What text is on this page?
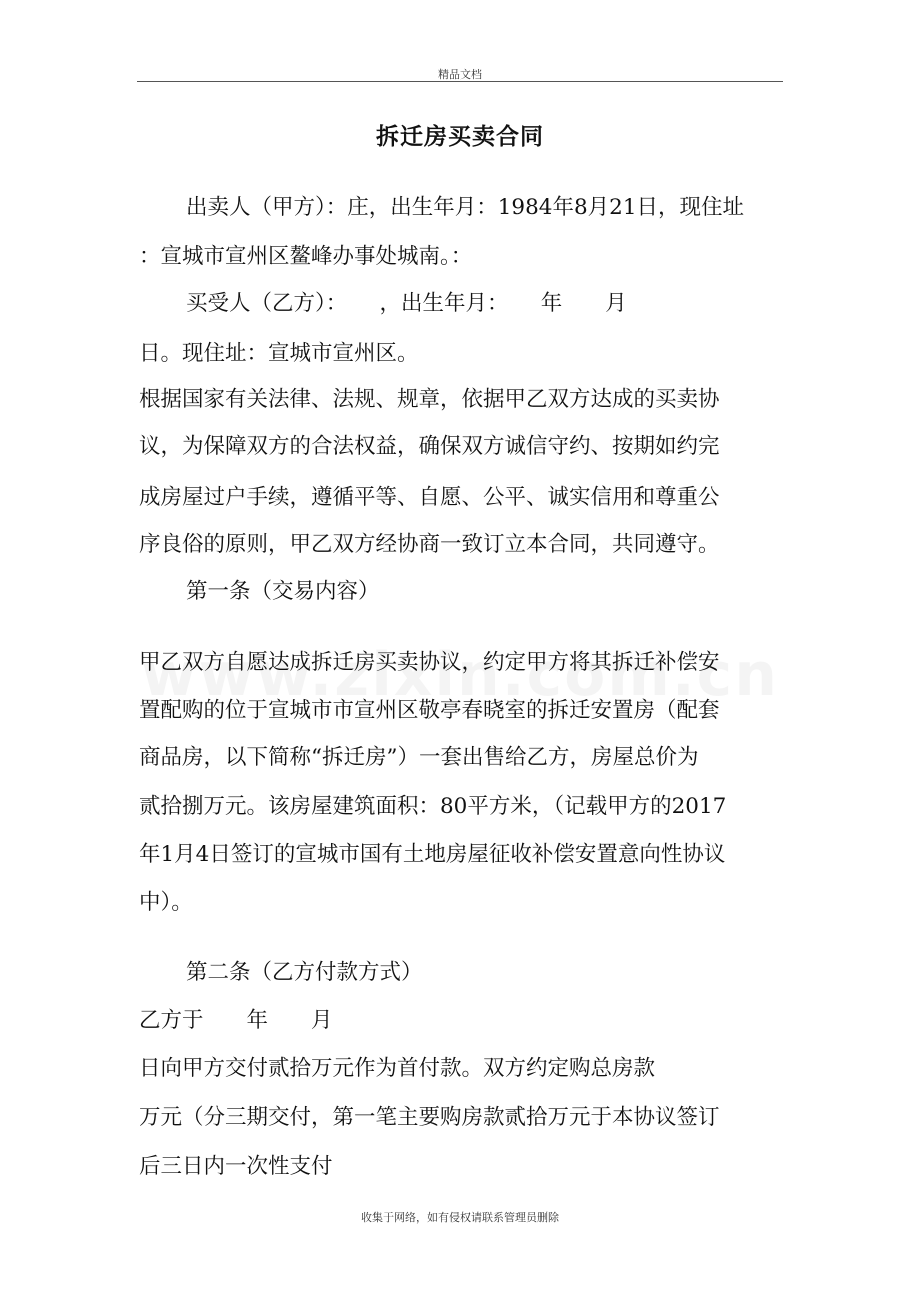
精品文档
拆迁房买卖合同
出卖人（甲方）：庄，出生年月：1984年8月21日，现住址
：宣城市宣州区鳌峰办事处城南。：
买受人（乙方）：　　，出生年月：　　年　　月
日。现住址：宣城市宣州区。
根据国家有关法律、法规、规章，依据甲乙双方达成的买卖协
议，为保障双方的合法权益，确保双方诚信守约、按期如约完
成房屋过户手续，遵循平等、自愿、公平、诚实信用和尊重公
序良俗的原则，甲乙双方经协商一致订立本合同，共同遵守。
第一条（交易内容）
甲乙双方自愿达成拆迁房买卖协议，约定甲方将其拆迁补偿安
置配购的位于宣城市市宣州区敬亭春晓室的拆迁安置房（配套
商品房，以下简称“拆迁房”）一套出售给乙方，房屋总价为
贰拾捌万元。该房屋建筑面积：80平方米，（记载甲方的2017
年1月4日签订的宣城市国有土地房屋征收补偿安置意向性协议
中）。
第二条（乙方付款方式）
乙方于　　年　　月
日向甲方交付贰拾万元作为首付款。双方约定购总房款
万元（分三期交付，第一笔主要购房款贰拾万元于本协议签订
后三日内一次性支付
收集于网络，如有侵权请联系管理员删除
